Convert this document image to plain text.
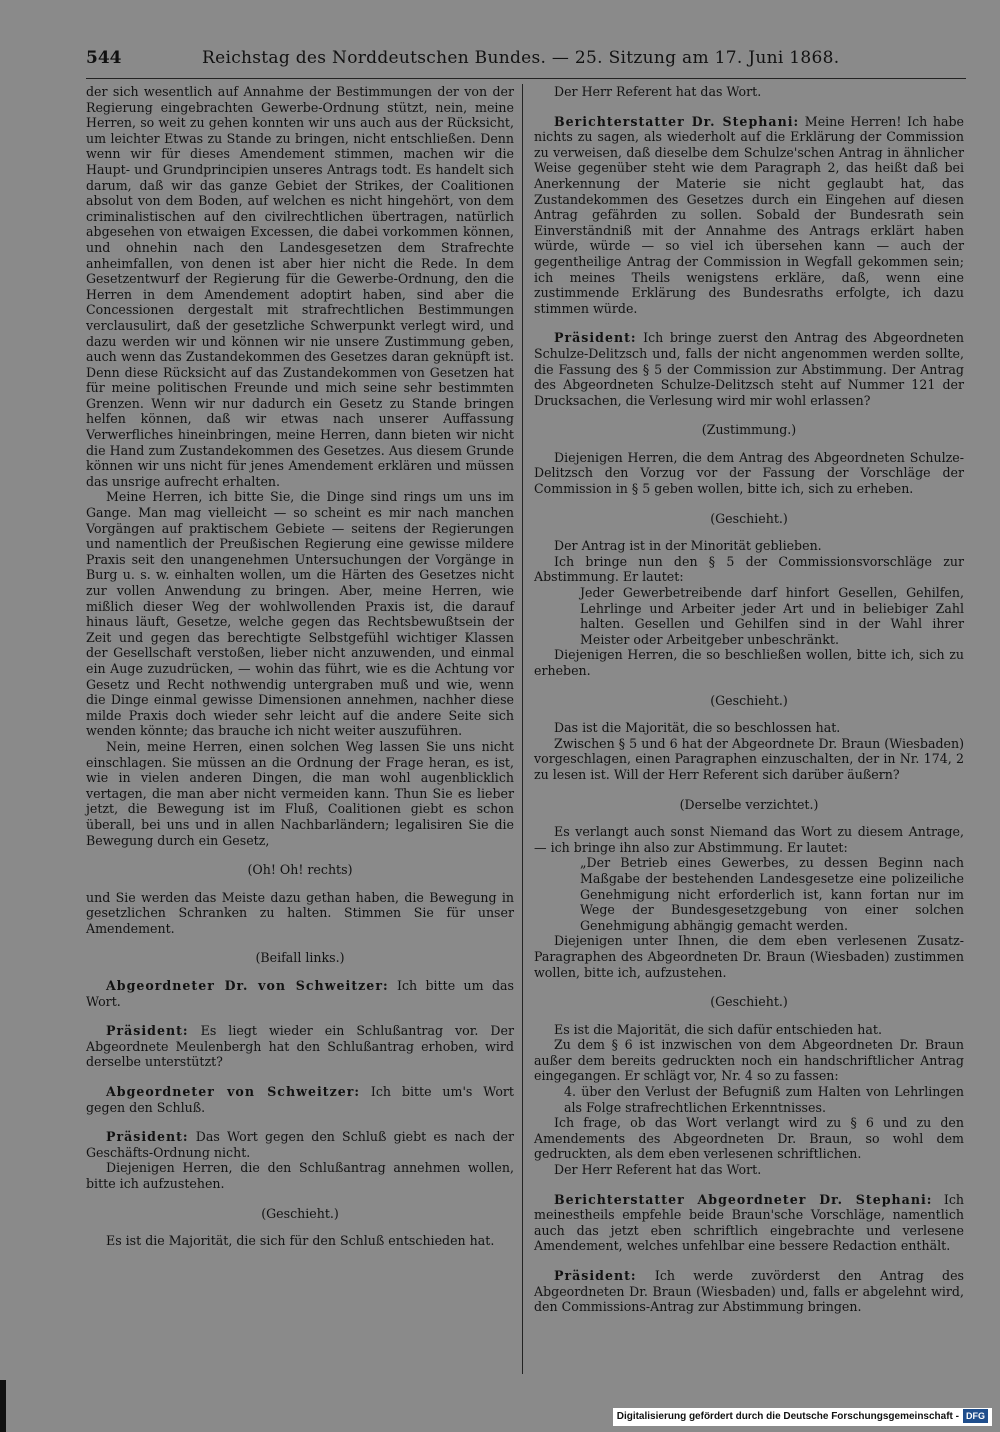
544	Reichstag des Norddeutschen Bundes. — 25. Sitzung am 17. Juni 1868.

der sich wesentlich auf Annahme der Bestimmungen der von der Regierung eingebrachten Gewerbe-Ordnung stützt, nein, meine Herren, so weit zu gehen konnten wir uns auch aus der Rücksicht, um leichter Etwas zu Stande zu bringen, nicht entschließen. Denn wenn wir für dieses Amendement stimmen, machen wir die Haupt- und Grundprincipien unseres Antrags todt. Es handelt sich darum, daß wir das ganze Gebiet der Strikes, der Coalitionen absolut von dem Boden, auf welchen es nicht hingehört, von dem criminalistischen auf den civilrechtlichen übertragen, natürlich abgesehen von etwaigen Excessen, die dabei vorkommen können, und ohnehin nach den Landesgesetzen dem Strafrechte anheimfallen, von denen ist aber hier nicht die Rede. In dem Gesetzentwurf der Regierung für die Gewerbe-Ordnung, den die Herren in dem Amendement adoptirt haben, sind aber die Concessionen dergestalt mit strafrechtlichen Bestimmungen verclausulirt, daß der gesetzliche Schwerpunkt verlegt wird, und dazu werden wir und können wir nie unsere Zustimmung geben, auch wenn das Zustandekommen des Gesetzes daran geknüpft ist. Denn diese Rücksicht auf das Zustandekommen von Gesetzen hat für meine politischen Freunde und mich seine sehr bestimmten Grenzen. Wenn wir nur dadurch ein Gesetz zu Stande bringen helfen können, daß wir etwas nach unserer Auffassung Verwerfliches hineinbringen, meine Herren, dann bieten wir nicht die Hand zum Zustandekommen des Gesetzes. Aus diesem Grunde können wir uns nicht für jenes Amendement erklären und müssen das unsrige aufrecht erhalten.

Meine Herren, ich bitte Sie, die Dinge sind rings um uns im Gange. Man mag vielleicht — so scheint es mir nach manchen Vorgängen auf praktischem Gebiete — seitens der Regierungen und namentlich der Preußischen Regierung eine gewisse mildere Praxis seit den unangenehmen Untersuchungen der Vorgänge in Burg u. s. w. einhalten wollen, um die Härten des Gesetzes nicht zur vollen Anwendung zu bringen. Aber, meine Herren, wie mißlich dieser Weg der wohlwollenden Praxis ist, die darauf hinaus läuft, Gesetze, welche gegen das Rechtsbewußtsein der Zeit und gegen das berechtigte Selbstgefühl wichtiger Klassen der Gesellschaft verstoßen, lieber nicht anzuwenden, und einmal ein Auge zuzudrücken, — wohin das führt, wie es die Achtung vor Gesetz und Recht nothwendig untergraben muß und wie, wenn die Dinge einmal gewisse Dimensionen annehmen, nachher diese milde Praxis doch wieder sehr leicht auf die andere Seite sich wenden könnte; das brauche ich nicht weiter auszuführen.

Nein, meine Herren, einen solchen Weg lassen Sie uns nicht einschlagen. Sie müssen an die Ordnung der Frage heran, es ist, wie in vielen anderen Dingen, die man wohl augenblicklich vertagen, die man aber nicht vermeiden kann. Thun Sie es lieber jetzt, die Bewegung ist im Fluß, Coalitionen giebt es schon überall, bei uns und in allen Nachbarländern; legalisiren Sie die Bewegung durch ein Gesetz,

(Oh! Oh! rechts)

und Sie werden das Meiste dazu gethan haben, die Bewegung in gesetzlichen Schranken zu halten. Stimmen Sie für unser Amendement.

(Beifall links.)

Abgeordneter Dr. von Schweitzer: Ich bitte um das Wort.

Präsident: Es liegt wieder ein Schlußantrag vor. Der Abgeordnete Meulenbergh hat den Schlußantrag erhoben, wird derselbe unterstützt?

Abgeordneter von Schweitzer: Ich bitte um's Wort gegen den Schluß.

Präsident: Das Wort gegen den Schluß giebt es nach der Geschäfts-Ordnung nicht.

Diejenigen Herren, die den Schlußantrag annehmen wollen, bitte ich aufzustehen.

(Geschieht.)

Es ist die Majorität, die sich für den Schluß entschieden hat.

Der Herr Referent hat das Wort.

Berichterstatter Dr. Stephani: Meine Herren! Ich habe nichts zu sagen, als wiederholt auf die Erklärung der Commission zu verweisen, daß dieselbe dem Schulze'schen Antrag in ähnlicher Weise gegenüber steht wie dem Paragraph 2, das heißt daß bei Anerkennung der Materie sie nicht geglaubt hat, das Zustandekommen des Gesetzes durch ein Eingehen auf diesen Antrag gefährden zu sollen. Sobald der Bundesrath sein Einverständniß mit der Annahme des Antrags erklärt haben würde, würde — so viel ich übersehen kann — auch der gegentheilige Antrag der Commission in Wegfall gekommen sein; ich meines Theils wenigstens erkläre, daß, wenn eine zustimmende Erklärung des Bundesraths erfolgte, ich dazu stimmen würde.

Präsident: Ich bringe zuerst den Antrag des Abgeordneten Schulze-Delitzsch und, falls der nicht angenommen werden sollte, die Fassung des § 5 der Commission zur Abstimmung. Der Antrag des Abgeordneten Schulze-Delitzsch steht auf Nummer 121 der Drucksachen, die Verlesung wird mir wohl erlassen?

(Zustimmung.)

Diejenigen Herren, die dem Antrag des Abgeordneten Schulze-Delitzsch den Vorzug vor der Fassung der Vorschläge der Commission in § 5 geben wollen, bitte ich, sich zu erheben.

(Geschieht.)

Der Antrag ist in der Minorität geblieben.

Ich bringe nun den § 5 der Commissionsvorschläge zur Abstimmung. Er lautet:

Jeder Gewerbetreibende darf hinfort Gesellen, Gehilfen, Lehrlinge und Arbeiter jeder Art und in beliebiger Zahl halten. Gesellen und Gehilfen sind in der Wahl ihrer Meister oder Arbeitgeber unbeschränkt.

Diejenigen Herren, die so beschließen wollen, bitte ich, sich zu erheben.

(Geschieht.)

Das ist die Majorität, die so beschlossen hat.

Zwischen § 5 und 6 hat der Abgeordnete Dr. Braun (Wiesbaden) vorgeschlagen, einen Paragraphen einzuschalten, der in Nr. 174, 2 zu lesen ist. Will der Herr Referent sich darüber äußern?

(Derselbe verzichtet.)

Es verlangt auch sonst Niemand das Wort zu diesem Antrage, — ich bringe ihn also zur Abstimmung. Er lautet:

„Der Betrieb eines Gewerbes, zu dessen Beginn nach Maßgabe der bestehenden Landesgesetze eine polizeiliche Genehmigung nicht erforderlich ist, kann fortan nur im Wege der Bundesgesetzgebung von einer solchen Genehmigung abhängig gemacht werden.

Diejenigen unter Ihnen, die dem eben verlesenen Zusatz-Paragraphen des Abgeordneten Dr. Braun (Wiesbaden) zustimmen wollen, bitte ich, aufzustehen.

(Geschieht.)

Es ist die Majorität, die sich dafür entschieden hat.

Zu dem § 6 ist inzwischen von dem Abgeordneten Dr. Braun außer dem bereits gedruckten noch ein handschriftlicher Antrag eingegangen. Er schlägt vor, Nr. 4 so zu fassen:

4. über den Verlust der Befugniß zum Halten von Lehrlingen als Folge strafrechtlichen Erkenntnisses.

Ich frage, ob das Wort verlangt wird zu § 6 und zu den Amendements des Abgeordneten Dr. Braun, so wohl dem gedruckten, als dem eben verlesenen schriftlichen.

Der Herr Referent hat das Wort.

Berichterstatter Abgeordneter Dr. Stephani: Ich meinestheils empfehle beide Braun'sche Vorschläge, namentlich auch das jetzt eben schriftlich eingebrachte und verlesene Amendement, welches unfehlbar eine bessere Redaction enthält.

Präsident: Ich werde zuvörderst den Antrag des Abgeordneten Dr. Braun (Wiesbaden) und, falls er abgelehnt wird, den Commissions-Antrag zur Abstimmung bringen.

Digitalisierung gefördert durch die Deutsche Forschungsgemeinschaft - DFG
